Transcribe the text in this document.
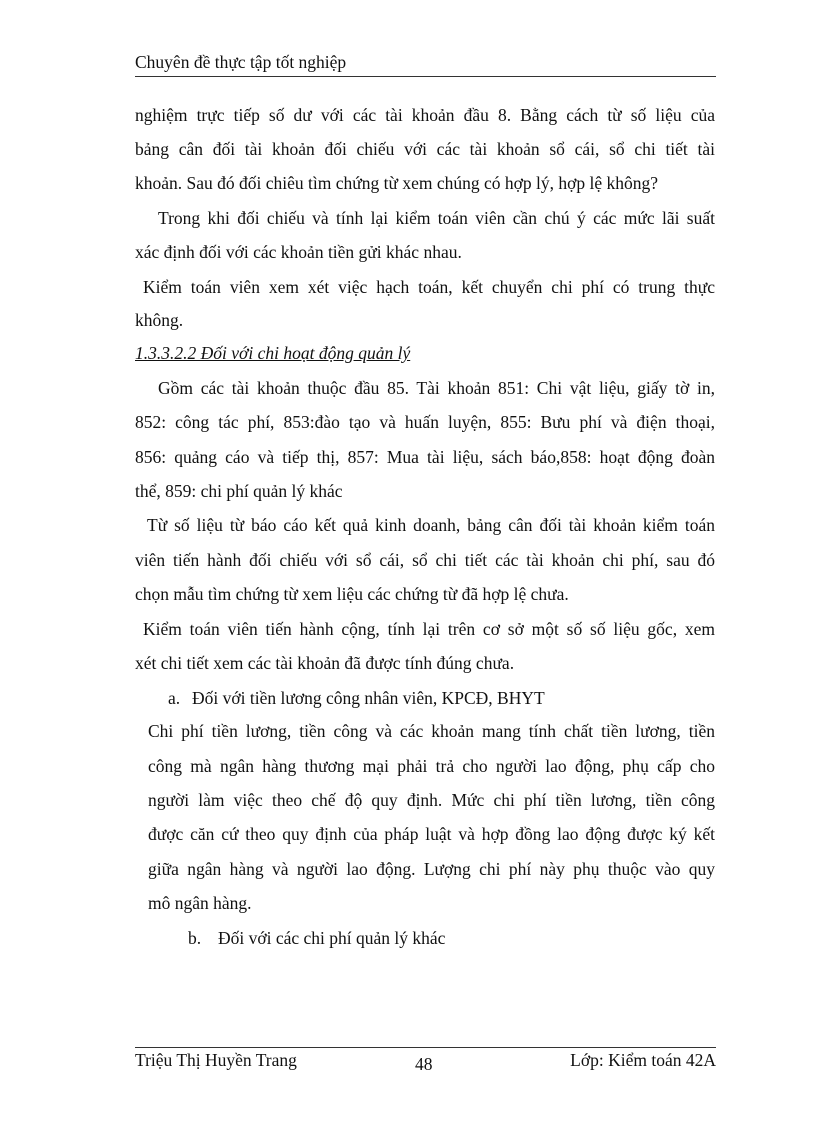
Chuyên đề thực tập tốt nghiệp
nghiệm trực tiếp số dư với các tài khoản đầu 8. Bằng cách từ số liệu của
bảng cân đối tài khoản đối chiếu với các tài khoản sổ cái, sổ chi tiết tài
khoản. Sau đó đối chiêu tìm chứng từ xem chúng có hợp lý, hợp lệ không?
Trong khi đối chiếu và tính lại kiểm toán viên cần chú ý các mức lãi suất
xác định đối với các khoản tiền gửi khác nhau.
Kiểm toán viên xem xét việc hạch toán, kết chuyển chi phí có trung thực
không.
1.3.3.2.2 Đối với chi hoạt động quản lý
Gồm các tài khoản thuộc đầu 85. Tài khoản 851: Chi vật liệu, giấy tờ in,
852: công tác phí, 853:đào tạo và huấn luyện, 855: Bưu phí và điện thoại,
856: quảng cáo và tiếp thị, 857: Mua tài liệu, sách báo,858: hoạt động đoàn
thể, 859: chi phí quản lý khác
Từ số liệu từ báo cáo kết quả kinh doanh, bảng cân đối tài khoản kiểm toán
viên tiến hành đối chiếu với sổ cái, sổ chi tiết các tài khoản chi phí, sau đó
chọn mẫu tìm chứng từ xem liệu các chứng từ đã hợp lệ chưa.
Kiểm toán viên tiến hành cộng, tính lại trên cơ sở một số số liệu gốc, xem
xét chi tiết xem các tài khoản đã được tính đúng chưa.
a. Đối với tiền lương công nhân viên, KPCĐ, BHYT
Chi phí tiền lương, tiền công và các khoản mang tính chất tiền lương, tiền
công mà ngân hàng thương mại phải trả cho người lao động, phụ cấp cho
người làm việc theo chế độ quy định. Mức chi phí tiền lương, tiền công
được căn cứ theo quy định của pháp luật và hợp đồng lao động được ký kết
giữa ngân hàng và người lao động. Lượng chi phí này phụ thuộc vào quy
mô ngân hàng.
b. Đối với các chi phí quản lý khác
Triệu Thị Huyền Trang	48	Lớp: Kiểm toán 42A
